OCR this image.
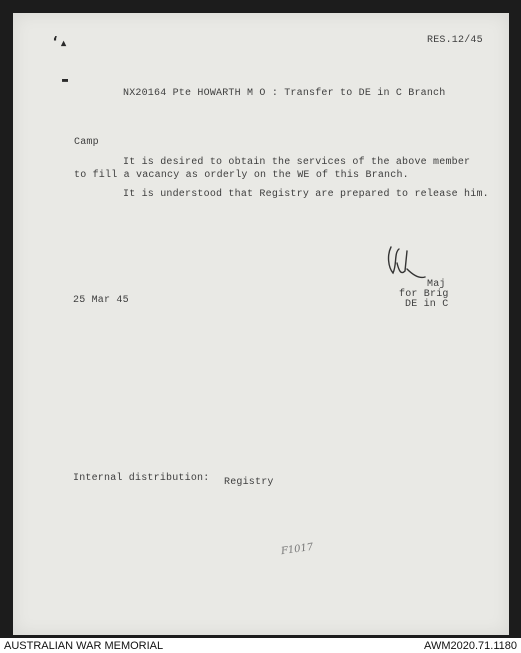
ʻ▴
▬
RES.12/45
NX20164 Pte HOWARTH M O : Transfer to DE in C Branch
Camp
It is desired to obtain the services of the above member
to fill a vacancy as orderly on the WE of this Branch.
It is understood that Registry are prepared to release him.
Maj
for Brig
DE in C
25 Mar 45
Internal distribution: Registry
F1017
AUSTRALIAN WAR MEMORIAL	AWM2020.71.1180
